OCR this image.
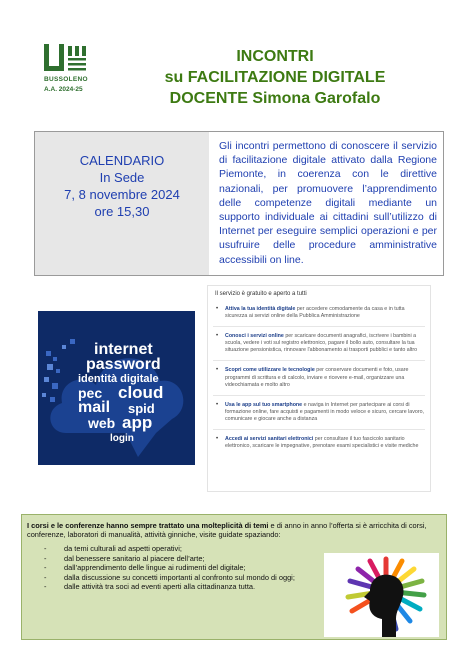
BUSSOLENO
A.A. 2024-25
INCONTRI
su FACILITAZIONE DIGITALE
DOCENTE Simona Garofalo
CALENDARIO
In Sede
7, 8 novembre 2024
ore 15,30
Gli incontri permettono di conoscere il servizio di facilitazione digitale attivato dalla Regione Piemonte, in coerenza con le direttive nazionali, per promuovere l’apprendimento delle competenze digitali mediante un supporto individuale ai cittadini sull’utilizzo di Internet per eseguire semplici operazioni e per usufruire delle procedure amministrative accessibili on line.
internet
password
identità digitale
pec cloud
mail spid
web app
login
Il servizio è gratuito e aperto a tutti
• Attiva la tua identità digitale per accedere comodamente da casa e in tutta sicurezza ai servizi online della Pubblica Amministrazione
• Conosci i servizi online per scaricare documenti anagrafici, iscrivere i bambini a scuola, vedere i voti sul registro elettronico, pagare il bollo auto, consultare la tua situazione pensionistica, rinnovare l'abbonamento ai trasporti pubblici e tanto altro
• Scopri come utilizzare le tecnologie per conservare documenti e foto, usare programmi di scrittura e di calcolo, inviare e ricevere e-mail, organizzare una videochiamata e molto altro
• Usa le app sul tuo smartphone e naviga in Internet per partecipare ai corsi di formazione online, fare acquisti e pagamenti in modo veloce e sicuro, cercare lavoro, comunicare e giocare anche a distanza
• Accedi ai servizi sanitari elettronici per consultare il tuo fascicolo sanitario elettronico, scaricare le impegnative, prenotare esami specialistici e visite mediche
I corsi e le conferenze hanno sempre trattato una molteplicità di temi e di anno in anno l’offerta si è arricchita di corsi, conferenze, laboratori di manualità, attività ginniche, visite guidate spaziando:
- da temi culturali ad aspetti operativi;
- dal benessere sanitario al piacere dell’arte;
- dall’apprendimento delle lingue ai rudimenti del digitale;
- dalla discussione su concetti importanti al confronto sul mondo di oggi;
- dalle attività tra soci ad eventi aperti alla cittadinanza tutta.
